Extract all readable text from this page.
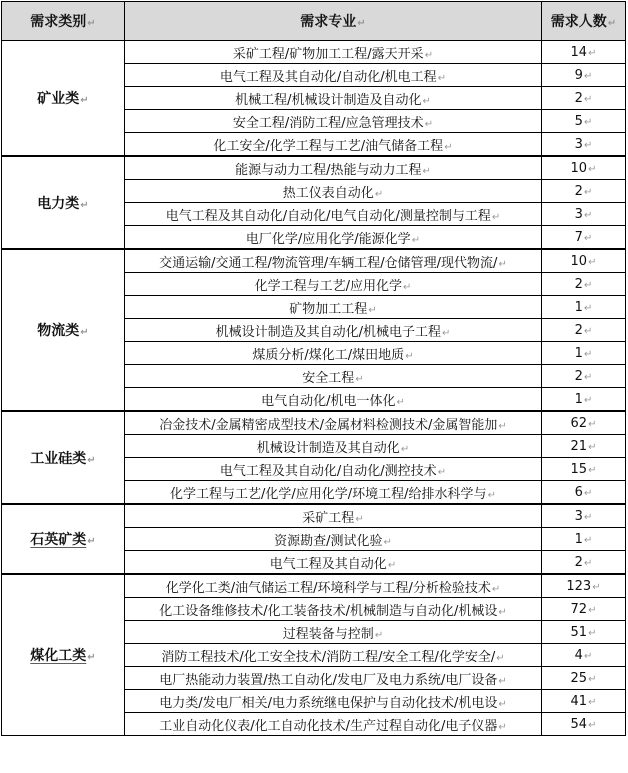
需求类别↵	需求专业↵	需求人数↵
矿业类↵	采矿工程/矿物加工工程/露天开采↵	14↵
	电气工程及其自动化/自动化/机电工程↵	9↵
	机械工程/机械设计制造及自动化↵	2↵
	安全工程/消防工程/应急管理技术↵	5↵
	化工安全/化学工程与工艺/油气储备工程↵	3↵
电力类↵	能源与动力工程/热能与动力工程↵	10↵
	热工仪表自动化↵	2↵
	电气工程及其自动化/自动化/电气自动化/测量控制与工程↵	3↵
	电厂化学/应用化学/能源化学↵	7↵
物流类↵	交通运输/交通工程/物流管理/车辆工程/仓储管理/现代物流/↵	10↵
	化学工程与工艺/应用化学↵	2↵
	矿物加工工程↵	1↵
	机械设计制造及其自动化/机械电子工程↵	2↵
	煤质分析/煤化工/煤田地质↵	1↵
	安全工程↵	2↵
	电气自动化/机电一体化↵	1↵
工业硅类↵	冶金技术/金属精密成型技术/金属材料检测技术/金属智能加↵	62↵
	机械设计制造及其自动化↵	21↵
	电气工程及其自动化/自动化/测控技术↵	15↵
	化学工程与工艺/化学/应用化学/环境工程/给排水科学与↵	6↵
石英矿类↵	采矿工程↵	3↵
	资源勘查/测试化验↵	1↵
	电气工程及其自动化↵	2↵
煤化工类↵	化学化工类/油气储运工程/环境科学与工程/分析检验技术↵	123↵
	化工设备维修技术/化工装备技术/机械制造与自动化/机械设↵	72↵
	过程装备与控制↵	51↵
	消防工程技术/化工安全技术/消防工程/安全工程/化学安全/↵	4↵
	电厂热能动力装置/热工自动化/发电厂及电力系统/电厂设备↵	25↵
	电力类/发电厂相关/电力系统继电保护与自动化技术/机电设↵	41↵
	工业自动化仪表/化工自动化技术/生产过程自动化/电子仪器↵	54↵
